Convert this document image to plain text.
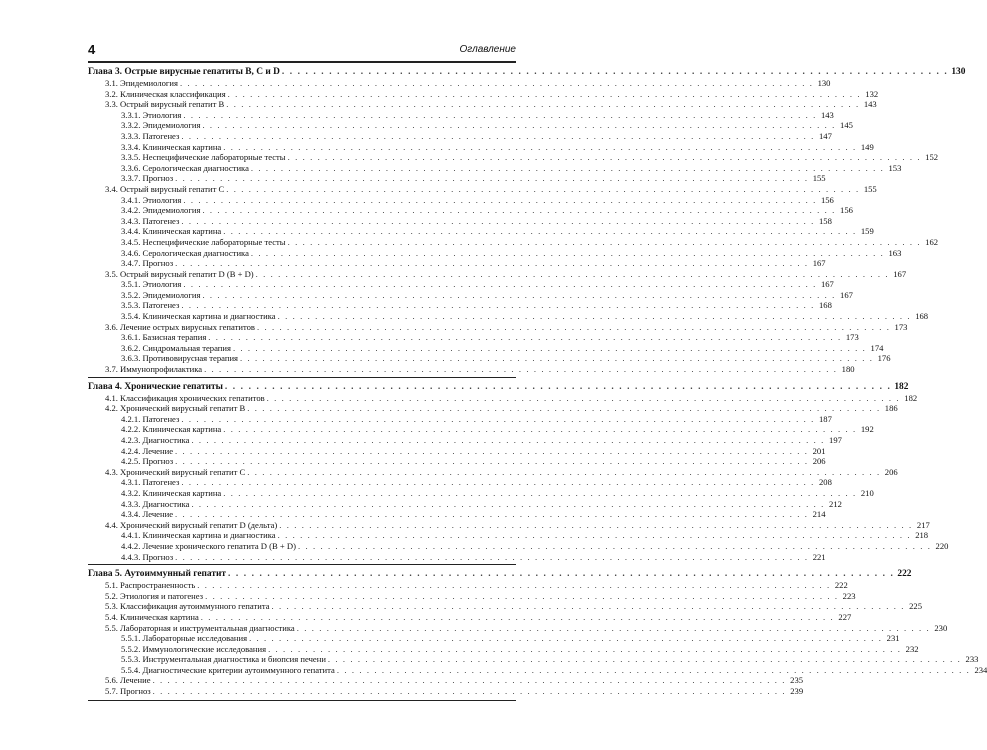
4	Оглавление
Глава 3. Острые вирусные гепатиты В, С и D . . . . . . . . . . . . . . . . . . . . . . . . . . . . . . . . . . . . . . . . . . . . . . . . . . . . . . . . . . . . . . . . . . . . . . . . . . . . . . . . . . . . . 130
3.1. Эпидемиология . . . . . . . . . . . . . . . . . . . . . . . . . . . . . . . . . . . . . . . . . . . . . . . . . . . . . . . . . . . . . . . . . . . . . . . . . . . . . . . . . . . . . 130
3.2. Клиническая классификация . . . . . . . . . . . . . . . . . . . . . . . . . . . . . . . . . . . . . . . . . . . . . . . . . . . . . . . . . . . . . . . . . . . . . . . . . . . . . . . . . . . . . 132
3.3. Острый вирусный гепатит В . . . . . . . . . . . . . . . . . . . . . . . . . . . . . . . . . . . . . . . . . . . . . . . . . . . . . . . . . . . . . . . . . . . . . . . . . . . . . . . . . . . . . 143
3.3.1. Этиология . . . . . . . . . . . . . . . . . . . . . . . . . . . . . . . . . . . . . . . . . . . . . . . . . . . . . . . . . . . . . . . . . . . . . . . . . . . . . . . . . . . . . 143
3.3.2. Эпидемиология . . . . . . . . . . . . . . . . . . . . . . . . . . . . . . . . . . . . . . . . . . . . . . . . . . . . . . . . . . . . . . . . . . . . . . . . . . . . . . . . . . . . . 145
3.3.3. Патогенез . . . . . . . . . . . . . . . . . . . . . . . . . . . . . . . . . . . . . . . . . . . . . . . . . . . . . . . . . . . . . . . . . . . . . . . . . . . . . . . . . . . . . 147
3.3.4. Клиническая картина . . . . . . . . . . . . . . . . . . . . . . . . . . . . . . . . . . . . . . . . . . . . . . . . . . . . . . . . . . . . . . . . . . . . . . . . . . . . . . . . . . . . . 149
3.3.5. Неспецифические лабораторные тесты . . . . . . . . . . . . . . . . . . . . . . . . . . . . . . . . . . . . . . . . . . . . . . . . . . . . . . . . . . . . . . . . . . . . . . . . . . . . . . . . . . . . . 152
3.3.6. Серологическая диагностика . . . . . . . . . . . . . . . . . . . . . . . . . . . . . . . . . . . . . . . . . . . . . . . . . . . . . . . . . . . . . . . . . . . . . . . . . . . . . . . . . . . . . 153
3.3.7. Прогноз . . . . . . . . . . . . . . . . . . . . . . . . . . . . . . . . . . . . . . . . . . . . . . . . . . . . . . . . . . . . . . . . . . . . . . . . . . . . . . . . . . . . . 155
3.4. Острый вирусный гепатит С . . . . . . . . . . . . . . . . . . . . . . . . . . . . . . . . . . . . . . . . . . . . . . . . . . . . . . . . . . . . . . . . . . . . . . . . . . . . . . . . . . . . . 155
3.4.1. Этиология . . . . . . . . . . . . . . . . . . . . . . . . . . . . . . . . . . . . . . . . . . . . . . . . . . . . . . . . . . . . . . . . . . . . . . . . . . . . . . . . . . . . . 156
3.4.2. Эпидемиология . . . . . . . . . . . . . . . . . . . . . . . . . . . . . . . . . . . . . . . . . . . . . . . . . . . . . . . . . . . . . . . . . . . . . . . . . . . . . . . . . . . . . 156
3.4.3. Патогенез . . . . . . . . . . . . . . . . . . . . . . . . . . . . . . . . . . . . . . . . . . . . . . . . . . . . . . . . . . . . . . . . . . . . . . . . . . . . . . . . . . . . . 158
3.4.4. Клиническая картина . . . . . . . . . . . . . . . . . . . . . . . . . . . . . . . . . . . . . . . . . . . . . . . . . . . . . . . . . . . . . . . . . . . . . . . . . . . . . . . . . . . . . 159
3.4.5. Неспецифические лабораторные тесты . . . . . . . . . . . . . . . . . . . . . . . . . . . . . . . . . . . . . . . . . . . . . . . . . . . . . . . . . . . . . . . . . . . . . . . . . . . . . . . . . . . . . 162
3.4.6. Серологическая диагностика . . . . . . . . . . . . . . . . . . . . . . . . . . . . . . . . . . . . . . . . . . . . . . . . . . . . . . . . . . . . . . . . . . . . . . . . . . . . . . . . . . . . . 163
3.4.7. Прогноз . . . . . . . . . . . . . . . . . . . . . . . . . . . . . . . . . . . . . . . . . . . . . . . . . . . . . . . . . . . . . . . . . . . . . . . . . . . . . . . . . . . . . 167
3.5. Острый вирусный гепатит D (В + D) . . . . . . . . . . . . . . . . . . . . . . . . . . . . . . . . . . . . . . . . . . . . . . . . . . . . . . . . . . . . . . . . . . . . . . . . . . . . . . . . . . . . . 167
3.5.1. Этиология . . . . . . . . . . . . . . . . . . . . . . . . . . . . . . . . . . . . . . . . . . . . . . . . . . . . . . . . . . . . . . . . . . . . . . . . . . . . . . . . . . . . . 167
3.5.2. Эпидемиология . . . . . . . . . . . . . . . . . . . . . . . . . . . . . . . . . . . . . . . . . . . . . . . . . . . . . . . . . . . . . . . . . . . . . . . . . . . . . . . . . . . . . 167
3.5.3. Патогенез . . . . . . . . . . . . . . . . . . . . . . . . . . . . . . . . . . . . . . . . . . . . . . . . . . . . . . . . . . . . . . . . . . . . . . . . . . . . . . . . . . . . . 168
3.5.4. Клиническая картина и диагностика . . . . . . . . . . . . . . . . . . . . . . . . . . . . . . . . . . . . . . . . . . . . . . . . . . . . . . . . . . . . . . . . . . . . . . . . . . . . . . . . . . . . . 168
3.6. Лечение острых вирусных гепатитов . . . . . . . . . . . . . . . . . . . . . . . . . . . . . . . . . . . . . . . . . . . . . . . . . . . . . . . . . . . . . . . . . . . . . . . . . . . . . . . . . . . . . 173
3.6.1. Базисная терапия . . . . . . . . . . . . . . . . . . . . . . . . . . . . . . . . . . . . . . . . . . . . . . . . . . . . . . . . . . . . . . . . . . . . . . . . . . . . . . . . . . . . . 173
3.6.2. Синдромальная терапия . . . . . . . . . . . . . . . . . . . . . . . . . . . . . . . . . . . . . . . . . . . . . . . . . . . . . . . . . . . . . . . . . . . . . . . . . . . . . . . . . . . . . 174
3.6.3. Противовирусная терапия . . . . . . . . . . . . . . . . . . . . . . . . . . . . . . . . . . . . . . . . . . . . . . . . . . . . . . . . . . . . . . . . . . . . . . . . . . . . . . . . . . . . . 176
3.7. Иммунопрофилактика . . . . . . . . . . . . . . . . . . . . . . . . . . . . . . . . . . . . . . . . . . . . . . . . . . . . . . . . . . . . . . . . . . . . . . . . . . . . . . . . . . . . . 180
Глава 4. Хронические гепатиты . . . . . . . . . . . . . . . . . . . . . . . . . . . . . . . . . . . . . . . . . . . . . . . . . . . . . . . . . . . . . . . . . . . . . . . . . . . . . . . . . . . . . 182
4.1. Классификация хронических гепатитов . . . . . . . . . . . . . . . . . . . . . . . . . . . . . . . . . . . . . . . . . . . . . . . . . . . . . . . . . . . . . . . . . . . . . . . . . . . . . . . . . . . . . 182
4.2. Хронический вирусный гепатит В . . . . . . . . . . . . . . . . . . . . . . . . . . . . . . . . . . . . . . . . . . . . . . . . . . . . . . . . . . . . . . . . . . . . . . . . . . . . . . . . . . . . . 186
4.2.1. Патогенез . . . . . . . . . . . . . . . . . . . . . . . . . . . . . . . . . . . . . . . . . . . . . . . . . . . . . . . . . . . . . . . . . . . . . . . . . . . . . . . . . . . . . 187
4.2.2. Клиническая картина . . . . . . . . . . . . . . . . . . . . . . . . . . . . . . . . . . . . . . . . . . . . . . . . . . . . . . . . . . . . . . . . . . . . . . . . . . . . . . . . . . . . . 192
4.2.3. Диагностика . . . . . . . . . . . . . . . . . . . . . . . . . . . . . . . . . . . . . . . . . . . . . . . . . . . . . . . . . . . . . . . . . . . . . . . . . . . . . . . . . . . . . 197
4.2.4. Лечение . . . . . . . . . . . . . . . . . . . . . . . . . . . . . . . . . . . . . . . . . . . . . . . . . . . . . . . . . . . . . . . . . . . . . . . . . . . . . . . . . . . . . 201
4.2.5. Прогноз . . . . . . . . . . . . . . . . . . . . . . . . . . . . . . . . . . . . . . . . . . . . . . . . . . . . . . . . . . . . . . . . . . . . . . . . . . . . . . . . . . . . . 206
4.3. Хронический вирусный гепатит С . . . . . . . . . . . . . . . . . . . . . . . . . . . . . . . . . . . . . . . . . . . . . . . . . . . . . . . . . . . . . . . . . . . . . . . . . . . . . . . . . . . . . 206
4.3.1. Патогенез . . . . . . . . . . . . . . . . . . . . . . . . . . . . . . . . . . . . . . . . . . . . . . . . . . . . . . . . . . . . . . . . . . . . . . . . . . . . . . . . . . . . . 208
4.3.2. Клиническая картина . . . . . . . . . . . . . . . . . . . . . . . . . . . . . . . . . . . . . . . . . . . . . . . . . . . . . . . . . . . . . . . . . . . . . . . . . . . . . . . . . . . . . 210
4.3.3. Диагностика . . . . . . . . . . . . . . . . . . . . . . . . . . . . . . . . . . . . . . . . . . . . . . . . . . . . . . . . . . . . . . . . . . . . . . . . . . . . . . . . . . . . . 212
4.3.4. Лечение . . . . . . . . . . . . . . . . . . . . . . . . . . . . . . . . . . . . . . . . . . . . . . . . . . . . . . . . . . . . . . . . . . . . . . . . . . . . . . . . . . . . . 214
4.4. Хронический вирусный гепатит D (дельта) . . . . . . . . . . . . . . . . . . . . . . . . . . . . . . . . . . . . . . . . . . . . . . . . . . . . . . . . . . . . . . . . . . . . . . . . . . . . . . . . . . . . . 217
4.4.1. Клиническая картина и диагностика . . . . . . . . . . . . . . . . . . . . . . . . . . . . . . . . . . . . . . . . . . . . . . . . . . . . . . . . . . . . . . . . . . . . . . . . . . . . . . . . . . . . . 218
4.4.2. Лечение хронического гепатита D (В + D) . . . . . . . . . . . . . . . . . . . . . . . . . . . . . . . . . . . . . . . . . . . . . . . . . . . . . . . . . . . . . . . . . . . . . . . . . . . . . . . . . . . . . 220
4.4.3. Прогноз . . . . . . . . . . . . . . . . . . . . . . . . . . . . . . . . . . . . . . . . . . . . . . . . . . . . . . . . . . . . . . . . . . . . . . . . . . . . . . . . . . . . . 221
Глава 5. Аутоиммунный гепатит . . . . . . . . . . . . . . . . . . . . . . . . . . . . . . . . . . . . . . . . . . . . . . . . . . . . . . . . . . . . . . . . . . . . . . . . . . . . . . . . . . . . . 222
5.1. Распространенность . . . . . . . . . . . . . . . . . . . . . . . . . . . . . . . . . . . . . . . . . . . . . . . . . . . . . . . . . . . . . . . . . . . . . . . . . . . . . . . . . . . . . 222
5.2. Этиология и патогенез . . . . . . . . . . . . . . . . . . . . . . . . . . . . . . . . . . . . . . . . . . . . . . . . . . . . . . . . . . . . . . . . . . . . . . . . . . . . . . . . . . . . . 223
5.3. Классификация аутоиммунного гепатита . . . . . . . . . . . . . . . . . . . . . . . . . . . . . . . . . . . . . . . . . . . . . . . . . . . . . . . . . . . . . . . . . . . . . . . . . . . . . . . . . . . . . 225
5.4. Клиническая картина . . . . . . . . . . . . . . . . . . . . . . . . . . . . . . . . . . . . . . . . . . . . . . . . . . . . . . . . . . . . . . . . . . . . . . . . . . . . . . . . . . . . . 227
5.5. Лабораторная и инструментальная диагностика . . . . . . . . . . . . . . . . . . . . . . . . . . . . . . . . . . . . . . . . . . . . . . . . . . . . . . . . . . . . . . . . . . . . . . . . . . . . . . . . . . . . . 230
5.5.1. Лабораторные исследования . . . . . . . . . . . . . . . . . . . . . . . . . . . . . . . . . . . . . . . . . . . . . . . . . . . . . . . . . . . . . . . . . . . . . . . . . . . . . . . . . . . . . 231
5.5.2. Иммунологические исследования . . . . . . . . . . . . . . . . . . . . . . . . . . . . . . . . . . . . . . . . . . . . . . . . . . . . . . . . . . . . . . . . . . . . . . . . . . . . . . . . . . . . . 232
5.5.3. Инструментальная диагностика и биопсия печени . . . . . . . . . . . . . . . . . . . . . . . . . . . . . . . . . . . . . . . . . . . . . . . . . . . . . . . . . . . . . . . . . . . . . . . . . . . . . . . . . . . . . 233
5.5.4. Диагностические критерии аутоиммунного гепатита . . . . . . . . . . . . . . . . . . . . . . . . . . . . . . . . . . . . . . . . . . . . . . . . . . . . . . . . . . . . . . . . . . . . . . . . . . . . . . . . . . . . . 234
5.6. Лечение . . . . . . . . . . . . . . . . . . . . . . . . . . . . . . . . . . . . . . . . . . . . . . . . . . . . . . . . . . . . . . . . . . . . . . . . . . . . . . . . . . . . . 235
5.7. Прогноз . . . . . . . . . . . . . . . . . . . . . . . . . . . . . . . . . . . . . . . . . . . . . . . . . . . . . . . . . . . . . . . . . . . . . . . . . . . . . . . . . . . . . 239
